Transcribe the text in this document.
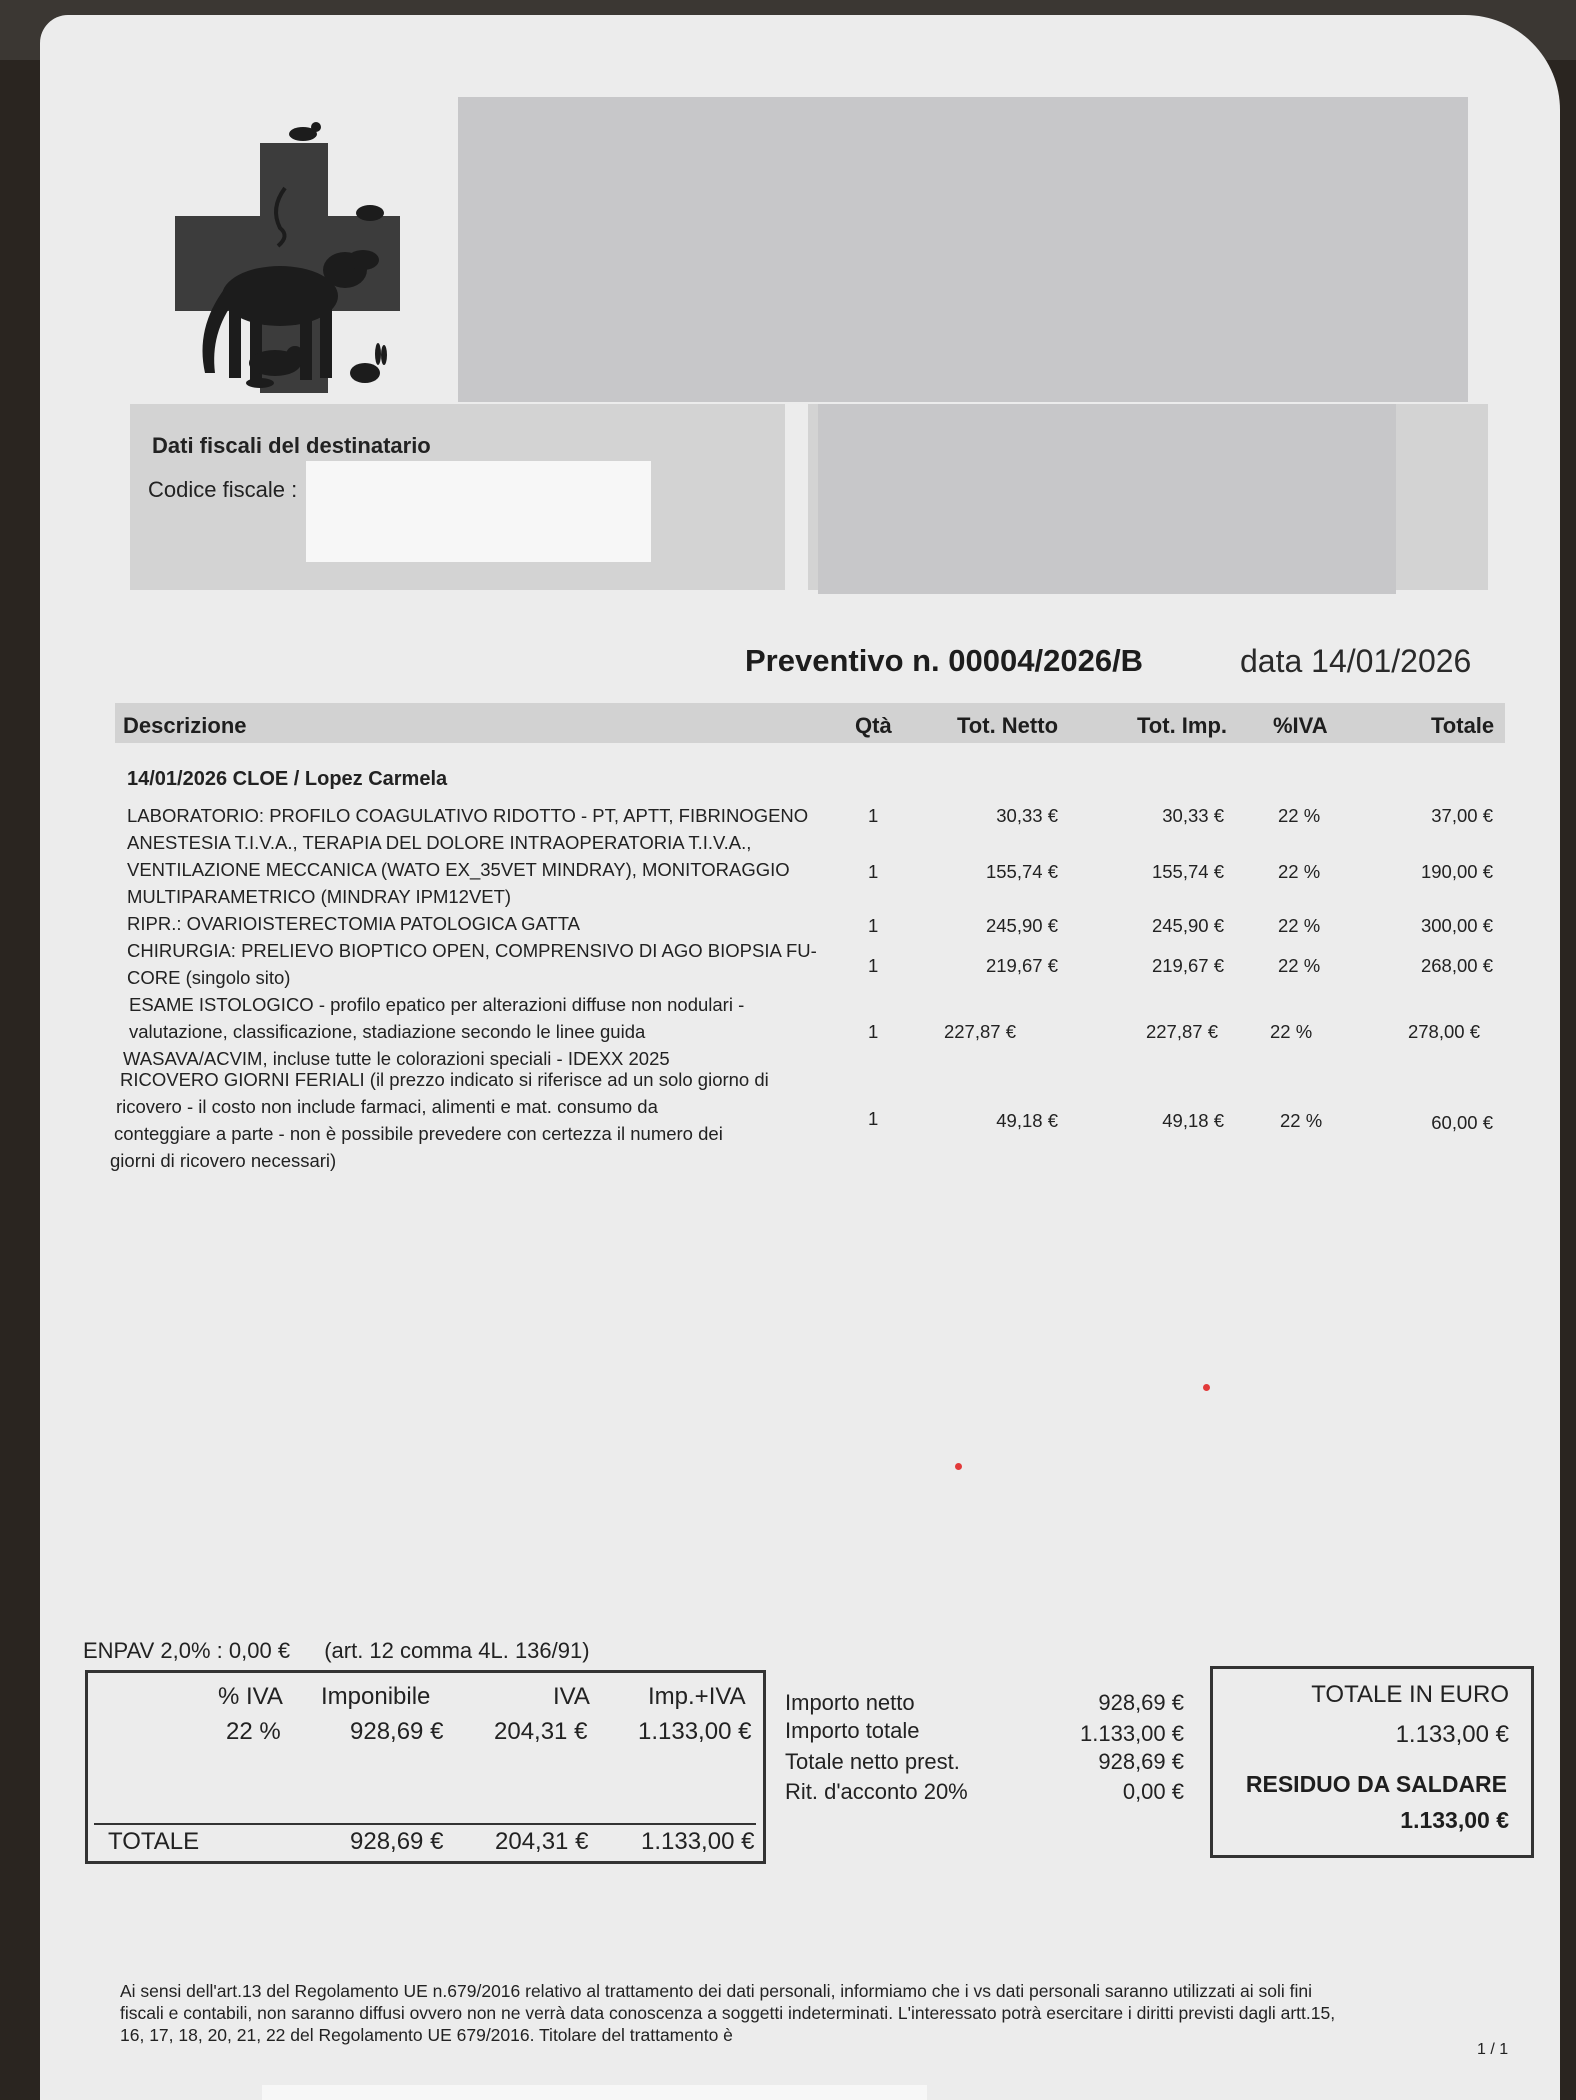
Dati fiscali del destinatario
Codice fiscale :
Preventivo n. 00004/2026/B	data 14/01/2026
Descrizione	Qtà	Tot. Netto	Tot. Imp. %IVA	Totale
14/01/2026 CLOE / Lopez Carmela
LABORATORIO: PROFILO COAGULATIVO RIDOTTO - PT, APTT, FIBRINOGENO	1	30,33 €	30,33 €	22 %	37,00 €
ANESTESIA T.I.V.A., TERAPIA DEL DOLORE INTRAOPERATORIA T.I.V.A.,
VENTILAZIONE MECCANICA (WATO EX_35VET MINDRAY), MONITORAGGIO
MULTIPARAMETRICO (MINDRAY IPM12VET)
1	155,74 €	155,74 €	22 %	190,00 €
RIPR.: OVARIOISTERECTOMIA PATOLOGICA GATTA	1	245,90 €	245,90 €	22 %	300,00 €
CHIRURGIA: PRELIEVO BIOPTICO OPEN, COMPRENSIVO DI AGO BIOPSIA FU-
CORE (singolo sito)
1	219,67 €	219,67 €	22 %	268,00 €
ESAME ISTOLOGICO - profilo epatico per alterazioni diffuse non nodulari -
valutazione, classificazione, stadiazione secondo le linee guida
WASAVA/ACVIM, incluse tutte le colorazioni speciali - IDEXX 2025
1	227,87 €	227,87 €	22 %	278,00 €
RICOVERO GIORNI FERIALI (il prezzo indicato si riferisce ad un solo giorno di
ricovero - il costo non include farmaci, alimenti e mat. consumo da
conteggiare a parte - non è possibile prevedere con certezza il numero dei
giorni di ricovero necessari)
1	49,18 €	49,18 €	22 %	60,00 €
ENPAV 2,0% : 0,00 € (art. 12 comma 4L. 136/91)
% IVA Imponibile	IVA Imp.+IVA
22 %	928,69 € 204,31 € 1.133,00 €
TOTALE	928,69 € 204,31 € 1.133,00 €
Importo netto	928,69 €
Importo totale	1.133,00 €
Totale netto prest.	928,69 €
Rit. d'acconto 20%	0,00 €
TOTALE IN EURO
1.133,00 €
RESIDUO DA SALDARE
1.133,00 €
Ai sensi dell'art.13 del Regolamento UE n.679/2016 relativo al trattamento dei dati personali, informiamo che i vs dati personali saranno utilizzati ai soli fini fiscali e contabili, non saranno diffusi ovvero non ne verrà data conoscenza a soggetti indeterminati. L'interessato potrà esercitare i diritti previsti dagli artt.15, 16, 17, 18, 20, 21, 22 del Regolamento UE 679/2016. Titolare del trattamento è
1 / 1
